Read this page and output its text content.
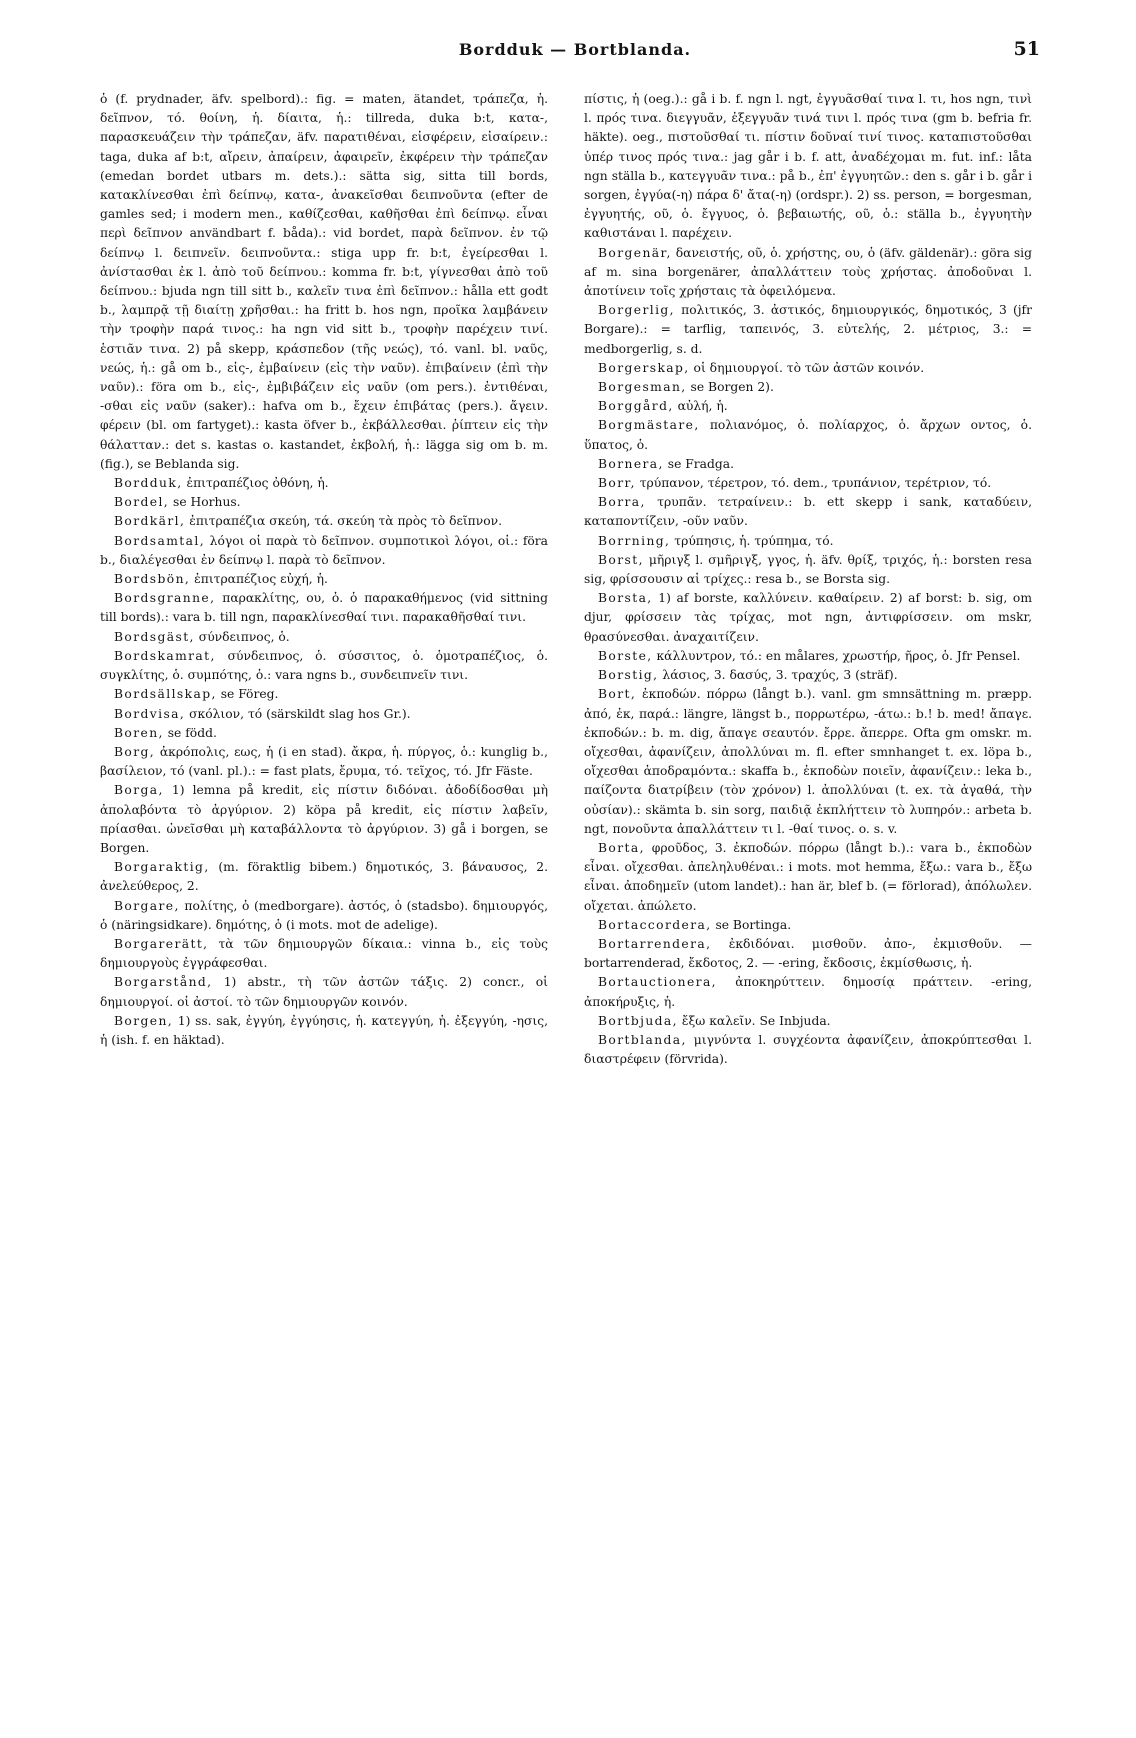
Bordduk — Bortblanda.	51

ὁ (f. prydnader, äfv. spelbord).: fig. = maten, ätandet, τράπεζα, ἡ. δεῖπνον, τό. θοίνη, ἡ. δίαιτα, ἡ.: tillreda, duka b:t, κατα-, παρασκευάζειν τὴν τράπεζαν, äfv. παρατιθέναι, εἰσφέρειν, εἰσαίρειν.: taga, duka af b:t, αἴρειν, ἀπαίρειν, ἀφαιρεῖν, ἐκφέρειν τὴν τράπεζαν (emedan bordet utbars m. dets.).: sätta sig, sitta till bords, κατακλίνεσθαι ἐπὶ δείπνῳ, κατα-, ἀνακεῖσθαι δειπνοῦντα (efter de gamles sed; i modern men., καθίζεσθαι, καθῆσθαι ἐπὶ δείπνῳ. εἶναι περὶ δεῖπνον användbart f. båda).: vid bordet, παρὰ δεῖπνον. ἐν τῷ δείπνῳ l. δειπνεῖν. δειπνοῦντα.: stiga upp fr. b:t, ἐγείρεσθαι l. ἀνίστασθαι ἐκ l. ἀπὸ τοῦ δείπνου.: komma fr. b:t, γίγνεσθαι ἀπὸ τοῦ δείπνου.: bjuda ngn till sitt b., καλεῖν τινα ἐπὶ δεῖπνον.: hålla ett godt b., λαμπρᾷ τῇ διαίτῃ χρῆσθαι.: ha fritt b. hos ngn, προῖκα λαμβάνειν τὴν τροφὴν παρά τινος.: ha ngn vid sitt b., τροφὴν παρέχειν τινί. ἑστιᾶν τινα. 2) på skepp, κράσπεδον (τῆς νεώς), τό. vanl. bl. ναῦς, νεώς, ἡ.: gå om b., εἰς-, ἐμβαίνειν (εἰς τὴν ναῦν). ἐπιβαίνειν (ἐπὶ τὴν ναῦν).: föra om b., εἰς-, ἐμβιβάζειν εἰς ναῦν (om pers.). ἐντιθέναι, -σθαι εἰς ναῦν (saker).: hafva om b., ἔχειν ἐπιβάτας (pers.). ἄγειν. φέρειν (bl. om fartyget).: kasta öfver b., ἐκβάλλεσθαι. ῥίπτειν εἰς τὴν θάλατταν.: det s. kastas o. kastandet, ἐκβολή, ἡ.: lägga sig om b. m. (fig.), se Beblanda sig.

Bordduk, ἐπιτραπέζιος ὀθόνη, ἡ.

Bordel, se Horhus.

Bordkärl, ἐπιτραπέζια σκεύη, τά. σκεύη τὰ πρὸς τὸ δεῖπνον.

Bordsamtal, λόγοι οἱ παρὰ τὸ δεῖπνον. συμποτικοὶ λόγοι, οἱ.: föra b., διαλέγεσθαι ἐν δείπνῳ l. παρὰ τὸ δεῖπνον.

Bordsbön, ἐπιτραπέζιος εὐχή, ἡ.

Bordsgranne, παρακλίτης, ου, ὁ. ὁ παρακαθήμενος (vid sittning till bords).: vara b. till ngn, παρακλίνεσθαί τινι. παρακαθῆσθαί τινι.

Bordsgäst, σύνδειπνος, ὁ.

Bordskamrat, σύνδειπνος, ὁ. σύσσιτος, ὁ. ὁμοτραπέζιος, ὁ. συγκλίτης, ὁ. συμπότης, ὁ.: vara ngns b., συνδειπνεῖν τινι.

Bordsällskap, se Föreg.

Bordvisa, σκόλιον, τό (särskildt slag hos Gr.).

Boren, se född.

Borg, ἀκρόπολις, εως, ἡ (i en stad). ἄκρα, ἡ. πύργος, ὁ.: kunglig b., βασίλειον, τό (vanl. pl.).: = fast plats, ἔρυμα, τό. τεῖχος, τό. Jfr Fäste.

Borga, 1) lemna på kredit, εἰς πίστιν διδόναι. ἀδοδίδοσθαι μὴ ἀπολαβόντα τὸ ἀργύριον. 2) köpa på kredit, εἰς πίστιν λαβεῖν, πρίασθαι. ὠνεῖσθαι μὴ καταβάλλοντα τὸ ἀργύριον. 3) gå i borgen, se Borgen.

Borgaraktig, (m. föraktlig bibem.) δημοτικός, 3. βάναυσος, 2. ἀνελεύθερος, 2.

Borgare, πολίτης, ὁ (medborgare). ἀστός, ὁ (stadsbo). δημιουργός, ὁ (näringsidkare). δημότης, ὁ (i mots. mot de adelige).

Borgarerätt, τὰ τῶν δημιουργῶν δίκαια.: vinna b., εἰς τοὺς δημιουργοὺς ἐγγράφεσθαι.

Borgarstånd, 1) abstr., τὴ τῶν ἀστῶν τάξις. 2) concr., οἱ δημιουργοί. οἱ ἀστοί. τὸ τῶν δημιουργῶν κοινόν.

Borgen, 1) ss. sak, ἐγγύη, ἐγγύησις, ἡ. κατεγγύη, ἡ. ἐξεγγύη, -ησις, ἡ (ish. f. en häktad).

πίστις, ἡ (oeg.).: gå i b. f. ngn l. ngt, ἐγγυᾶσθαί τινα l. τι, hos ngn, τινὶ l. πρός τινα. διεγγυᾶν, ἐξεγγυᾶν τινά τινι l. πρός τινα (gm b. befria fr. häkte). oeg., πιστοῦσθαί τι. πίστιν δοῦναί τινί τινος. καταπιστοῦσθαι ὑπέρ τινος πρός τινα.: jag går i b. f. att, ἀναδέχομαι m. fut. inf.: låta ngn ställa b., κατεγγυᾶν τινα.: på b., ἐπ' ἐγγυητῶν.: den s. går i b. går i sorgen, ἐγγύα(-η) πάρα δ' ἄτα(-η) (ordspr.). 2) ss. person, = borgesman, ἐγγυητής, οῦ, ὁ. ἔγγυος, ὁ. βεβαιωτής, οῦ, ὁ.: ställa b., ἐγγυητὴν καθιστάναι l. παρέχειν.

Borgenär, δανειστής, οῦ, ὁ. χρήστης, ου, ὁ (äfv. gäldenär).: göra sig af m. sina borgenärer, ἀπαλλάττειν τοὺς χρήστας. ἀποδοῦναι l. ἀποτίνειν τοῖς χρήσταις τὰ ὀφειλόμενα.

Borgerlig, πολιτικός, 3. ἀστικός, δημιουργικός, δημοτικός, 3 (jfr Borgare).: = tarflig, ταπεινός, 3. εὐτελής, 2. μέτριος, 3.: = medborgerlig, s. d.

Borgerskap, οἱ δημιουργοί. τὸ τῶν ἀστῶν κοινόν.

Borgesman, se Borgen 2).

Borggård, αὐλή, ἡ.

Borgmästare, πολιανόμος, ὁ. πολίαρχος, ὁ. ἄρχων οντος, ὁ. ὕπατος, ὁ.

Bornera, se Fradga.

Borr, τρύπανον, τέρετρον, τό. dem., τρυπάνιον, τερέτριον, τό.

Borra, τρυπᾶν. τετραίνειν.: b. ett skepp i sank, καταδύειν, καταποντίζειν, -οῦν ναῦν.

Borrning, τρύπησις, ἡ. τρύπημα, τό.

Borst, μῆριγξ l. σμῆριγξ, γγος, ἡ. äfv. θρίξ, τριχός, ἡ.: borsten resa sig, φρίσσουσιν αἱ τρίχες.: resa b., se Borsta sig.

Borsta, 1) af borste, καλλύνειν. καθαίρειν. 2) af borst: b. sig, om djur, φρίσσειν τὰς τρίχας, mot ngn, ἀντιφρίσσειν. om mskr, θρασύνεσθαι. ἀναχαιτίζειν.

Borste, κάλλυντρον, τό.: en målares, χρωστήρ, ῆρος, ὁ. Jfr Pensel.

Borstig, λάσιος, 3. δασύς, 3. τραχύς, 3 (sträf).

Bort, ἐκποδών. πόρρω (långt b.). vanl. gm smnsättning m. præpp. ἀπό, ἐκ, παρά.: längre, längst b., πορρωτέρω, -άτω.: b.! b. med! ἄπαγε. ἐκποδών.: b. m. dig, ἄπαγε σεαυτόν. ἔρρε. ἄπερρε. Ofta gm omskr. m. οἴχεσθαι, ἀφανίζειν, ἀπολλύναι m. fl. efter smnhanget t. ex. löpa b., οἴχεσθαι ἀποδραμόντα.: skaffa b., ἐκποδὼν ποιεῖν, ἀφανίζειν.: leka b., παίζοντα διατρίβειν (τὸν χρόνον) l. ἀπολλύναι (t. ex. τὰ ἀγαθά, τὴν οὐσίαν).: skämta b. sin sorg, παιδιᾷ ἐκπλήττειν τὸ λυπηρόν.: arbeta b. ngt, πονοῦντα ἀπαλλάττειν τι l. -θαί τινος. o. s. v.

Borta, φροῦδος, 3. ἐκποδών. πόρρω (långt b.).: vara b., ἐκποδὼν εἶναι. οἴχεσθαι. ἀπεληλυθέναι.: i mots. mot hemma, ἔξω.: vara b., ἔξω εἶναι. ἀποδημεῖν (utom landet).: han är, blef b. (= förlorad), ἀπόλωλεν. οἴχεται. ἀπώλετο.

Bortaccordera, se Bortinga.

Bortarrendera, ἐκδιδόναι. μισθοῦν. ἀπο-, ἐκμισθοῦν. — bortarrenderad, ἔκδοτος, 2. — -ering, ἔκδοσις, ἐκμίσθωσις, ἡ.

Bortauctionera, ἀποκηρύττειν. δημοσίᾳ πράττειν. -ering, ἀποκήρυξις, ἡ.

Bortbjuda, ἔξω καλεῖν. Se Inbjuda.

Bortblanda, μιγνύντα l. συγχέοντα ἀφανίζειν, ἀποκρύπτεσθαι l. διαστρέφειν (förvrida).
